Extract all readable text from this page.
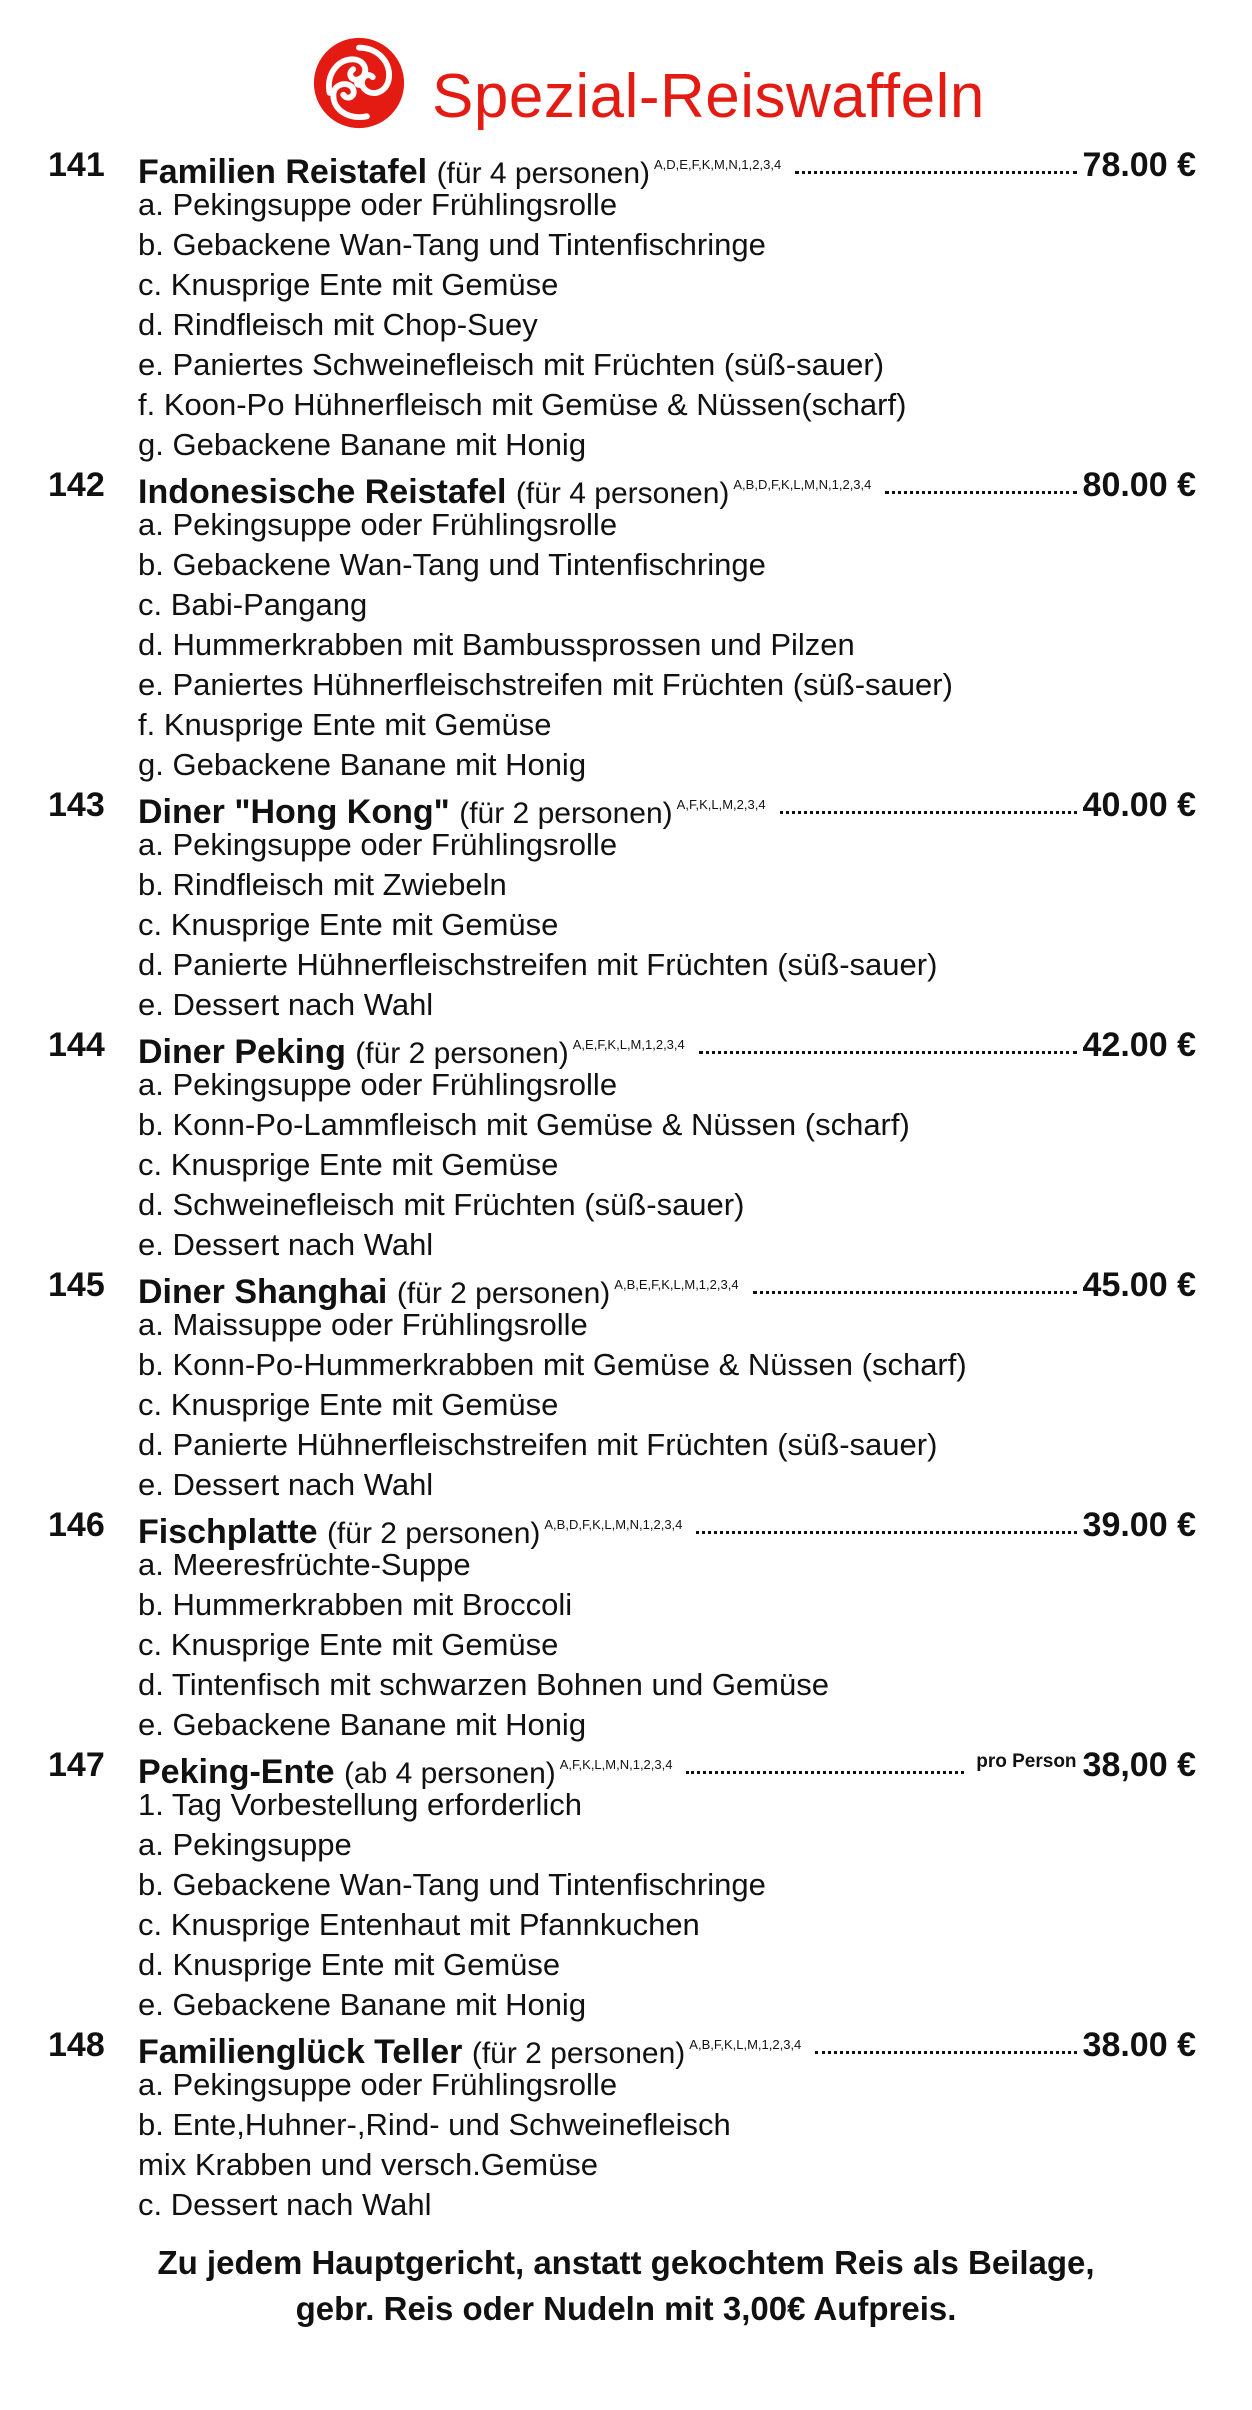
Spezial-Reiswaffeln
141 Familien Reistafel (für 4 personen) $^{A,D,E,F,K,M,N,1,2,3,4}$	78.00 €
a. Pekingsuppe oder Frühlingsrolle
b. Gebackene Wan-Tang und Tintenfischringe
c. Knusprige Ente mit Gemüse
d. Rindfleisch mit Chop-Suey
e. Paniertes Schweinefleisch mit Früchten (süß-sauer)
f. Koon-Po Hühnerfleisch mit Gemüse & Nüssen(scharf)
g. Gebackene Banane mit Honig
142 Indonesische Reistafel (für 4 personen) $^{A,B,D,F,K,L,M,N,1,2,3,4}$	80.00 €
a. Pekingsuppe oder Frühlingsrolle
b. Gebackene Wan-Tang und Tintenfischringe
c. Babi-Pangang
d. Hummerkrabben mit Bambussprossen und Pilzen
e. Paniertes Hühnerfleischstreifen mit Früchten (süß-sauer)
f. Knusprige Ente mit Gemüse
g. Gebackene Banane mit Honig
143 Diner "Hong Kong" (für 2 personen) $^{A,F,K,L,M,2,3,4}$	40.00 €
a. Pekingsuppe oder Frühlingsrolle
b. Rindfleisch mit Zwiebeln
c. Knusprige Ente mit Gemüse
d. Panierte Hühnerfleischstreifen mit Früchten (süß-sauer)
e. Dessert nach Wahl
144 Diner Peking (für 2 personen) $^{A,E,F,K,L,M,1,2,3,4}$	42.00 €
a. Pekingsuppe oder Frühlingsrolle
b. Konn-Po-Lammfleisch mit Gemüse & Nüssen (scharf)
c. Knusprige Ente mit Gemüse
d. Schweinefleisch mit Früchten (süß-sauer)
e. Dessert nach Wahl
145 Diner Shanghai (für 2 personen) $^{A,B,E,F,K,L,M,1,2,3,4}$	45.00 €
a. Maissuppe oder Frühlingsrolle
b. Konn-Po-Hummerkrabben mit Gemüse & Nüssen (scharf)
c. Knusprige Ente mit Gemüse
d. Panierte Hühnerfleischstreifen mit Früchten (süß-sauer)
e. Dessert nach Wahl
146 Fischplatte (für 2 personen) $^{A,B,D,F,K,L,M,N,1,2,3,4}$	39.00 €
a. Meeresfrüchte-Suppe
b. Hummerkrabben mit Broccoli
c. Knusprige Ente mit Gemüse
d. Tintenfisch mit schwarzen Bohnen und Gemüse
e. Gebackene Banane mit Honig
147 Peking-Ente (ab 4 personen) $^{A,F,K,L,M,N,1,2,3,4}$	pro Person 38,00 €
1. Tag Vorbestellung erforderlich
a. Pekingsuppe
b. Gebackene Wan-Tang und Tintenfischringe
c. Knusprige Entenhaut mit Pfannkuchen
d. Knusprige Ente mit Gemüse
e. Gebackene Banane mit Honig
148 Familienglück Teller (für 2 personen) $^{A,B,F,K,L,M,1,2,3,4}$	38.00 €
a. Pekingsuppe oder Frühlingsrolle
b. Ente,Huhner-,Rind- und Schweinefleisch
mix Krabben und versch.Gemüse
c. Dessert nach Wahl
Zu jedem Hauptgericht, anstatt gekochtem Reis als Beilage,
gebr. Reis oder Nudeln mit 3,00€ Aufpreis.
